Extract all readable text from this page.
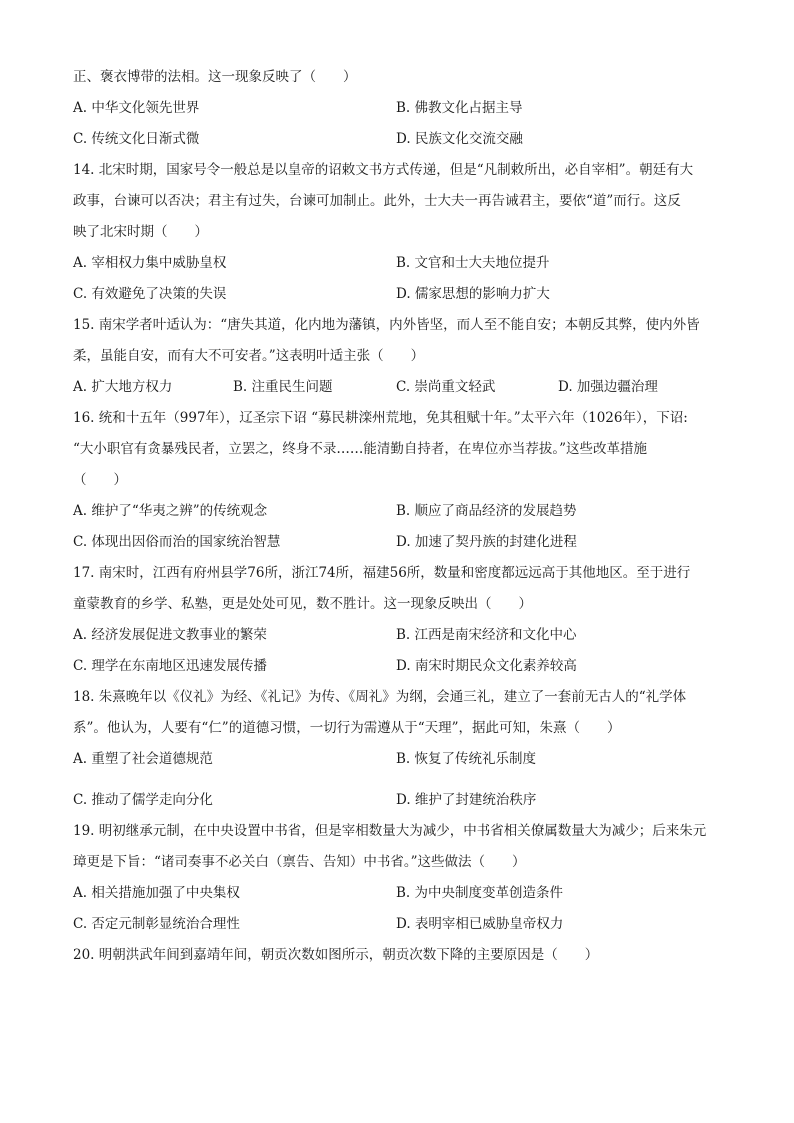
正、褒衣博带的法相。这一现象反映了（　　）
A. 中华文化领先世界	B. 佛教文化占据主导
C. 传统文化日渐式微	D. 民族文化交流交融
14. 北宋时期，国家号令一般总是以皇帝的诏敕文书方式传递，但是“凡制敕所出，必自宰相”。朝廷有大
政事，台谏可以否决；君主有过失，台谏可加制止。此外，士大夫一再告诫君主，要依“道”而行。这反
映了北宋时期（　　）
A. 宰相权力集中威胁皇权	B. 文官和士大夫地位提升
C. 有效避免了决策的失误	D. 儒家思想的影响力扩大
15. 南宋学者叶适认为：“唐失其道，化内地为藩镇，内外皆坚，而人至不能自安；本朝反其弊，使内外皆
柔，虽能自安，而有大不可安者。”这表明叶适主张（　　）
A. 扩大地方权力	B. 注重民生问题	C. 崇尚重文轻武	D. 加强边疆治理
16. 统和十五年（997年），辽圣宗下诏 “募民耕滦州荒地，免其租赋十年。”太平六年（1026年），下诏:
“大小职官有贪暴残民者，立罢之，终身不录……能清勤自持者，在卑位亦当荐拔。”这些改革措施
（　　）
A. 维护了“华夷之辨”的传统观念	B. 顺应了商品经济的发展趋势
C. 体现出因俗而治的国家统治智慧	D. 加速了契丹族的封建化进程
17. 南宋时，江西有府州县学76所，浙江74所，福建56所，数量和密度都远远高于其他地区。至于进行
童蒙教育的乡学、私塾，更是处处可见，数不胜计。这一现象反映出（　　）
A. 经济发展促进文教事业的繁荣	B. 江西是南宋经济和文化中心
C. 理学在东南地区迅速发展传播	D. 南宋时期民众文化素养较高
18. 朱熹晚年以《仪礼》为经、《礼记》为传、《周礼》为纲，会通三礼，建立了一套前无古人的“礼学体
系”。他认为，人要有“仁”的道德习惯，一切行为需遵从于“天理”，据此可知，朱熹（　　）
A. 重塑了社会道德规范	B. 恢复了传统礼乐制度
C. 推动了儒学走向分化	D. 维护了封建统治秩序
19. 明初继承元制，在中央设置中书省，但是宰相数量大为减少，中书省相关僚属数量大为减少；后来朱元
璋更是下旨：“诸司奏事不必关白（禀告、告知）中书省。”这些做法（　　）
A. 相关措施加强了中央集权	B. 为中央制度变革创造条件
C. 否定元制彰显统治合理性	D. 表明宰相已威胁皇帝权力
20. 明朝洪武年间到嘉靖年间，朝贡次数如图所示，朝贡次数下降的主要原因是（　　）
